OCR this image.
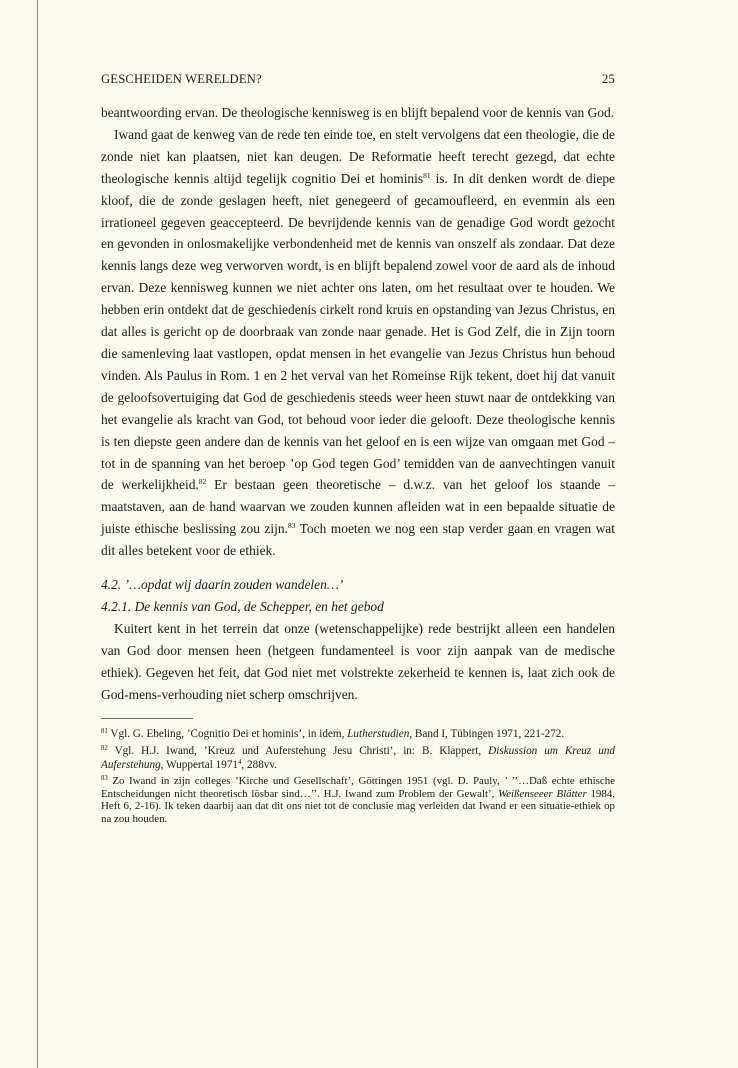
GESCHEIDEN WERELDEN?	25

beantwoording ervan. De theologische kennisweg is en blijft bepalend voor de kennis van God.

Iwand gaat de kenweg van de rede ten einde toe, en stelt vervolgens dat een theologie, die de zonde niet kan plaatsen, niet kan deugen. De Reformatie heeft terecht gezegd, dat echte theologische kennis altijd tegelijk cognitio Dei et hominis$^{81}$ is. In dit denken wordt de diepe kloof, die de zonde geslagen heeft, niet genegeerd of gecamoufleerd, en evenmin als een irrationeel gegeven geaccepteerd. De bevrijdende kennis van de genadige God wordt gezocht en gevonden in onlosmakelijke verbondenheid met de kennis van onszelf als zondaar. Dat deze kennis langs deze weg verworven wordt, is en blijft bepalend zowel voor de aard als de inhoud ervan. Deze kennisweg kunnen we niet achter ons laten, om het resultaat over te houden. We hebben erin ontdekt dat de geschiedenis cirkelt rond kruis en opstanding van Jezus Christus, en dat alles is gericht op de doorbraak van zonde naar genade. Het is God Zelf, die in Zijn toorn die samenleving laat vastlopen, opdat mensen in het evangelie van Jezus Christus hun behoud vinden. Als Paulus in Rom. 1 en 2 het verval van het Romeinse Rijk tekent, doet hij dat vanuit de geloofsovertuiging dat God de geschiedenis steeds weer heen stuwt naar de ontdekking van het evangelie als kracht van God, tot behoud voor ieder die gelooft. Deze theologische kennis is ten diepste geen andere dan de kennis van het geloof en is een wijze van omgaan met God – tot in de spanning van het beroep ’op God tegen God’ temidden van de aanvechtingen vanuit de werkelijkheid.$^{82}$ Er bestaan geen theoretische – d.w.z. van het geloof los staande – maatstaven, aan de hand waarvan we zouden kunnen afleiden wat in een bepaalde situatie de juiste ethische beslissing zou zijn.$^{83}$ Toch moeten we nog een stap verder gaan en vragen wat dit alles betekent voor de ethiek.

4.2. ’…opdat wij daarin zouden wandelen…’
4.2.1. De kennis van God, de Schepper, en het gebod

Kuitert kent in het terrein dat onze (wetenschappelijke) rede bestrijkt alleen een handelen van God door mensen heen (hetgeen fundamenteel is voor zijn aanpak van de medische ethiek). Gegeven het feit, dat God niet met volstrekte zekerheid te kennen is, laat zich ook de God-mens-verhouding niet scherp omschrijven.

$^{81}$ Vgl. G. Ebeling, ’Cognitio Dei et hominis’, in idem, Lutherstudien, Band I, Tübingen 1971, 221-272.

$^{82}$ Vgl. H.J. Iwand, ’Kreuz und Auferstehung Jesu Christi’, in: B. Klappert, Diskussion um Kreuz und Auferstehung, Wuppertal 1971$^4$, 288vv.

$^{83}$ Zo Iwand in zijn colleges ’Kirche und Gesellschaft’, Göttingen 1951 (vgl. D. Pauly, ’ ’’…Daß echte ethische Entscheidungen nicht theoretisch lösbar sind…’’. H.J. Iwand zum Problem der Gewalt’, Weißenseeer Blätter 1984, Heft 6, 2-16). Ik teken daarbij aan dat dit ons niet tot de conclusie mag verleiden dat Iwand er een situatie-ethiek op na zou houden.
